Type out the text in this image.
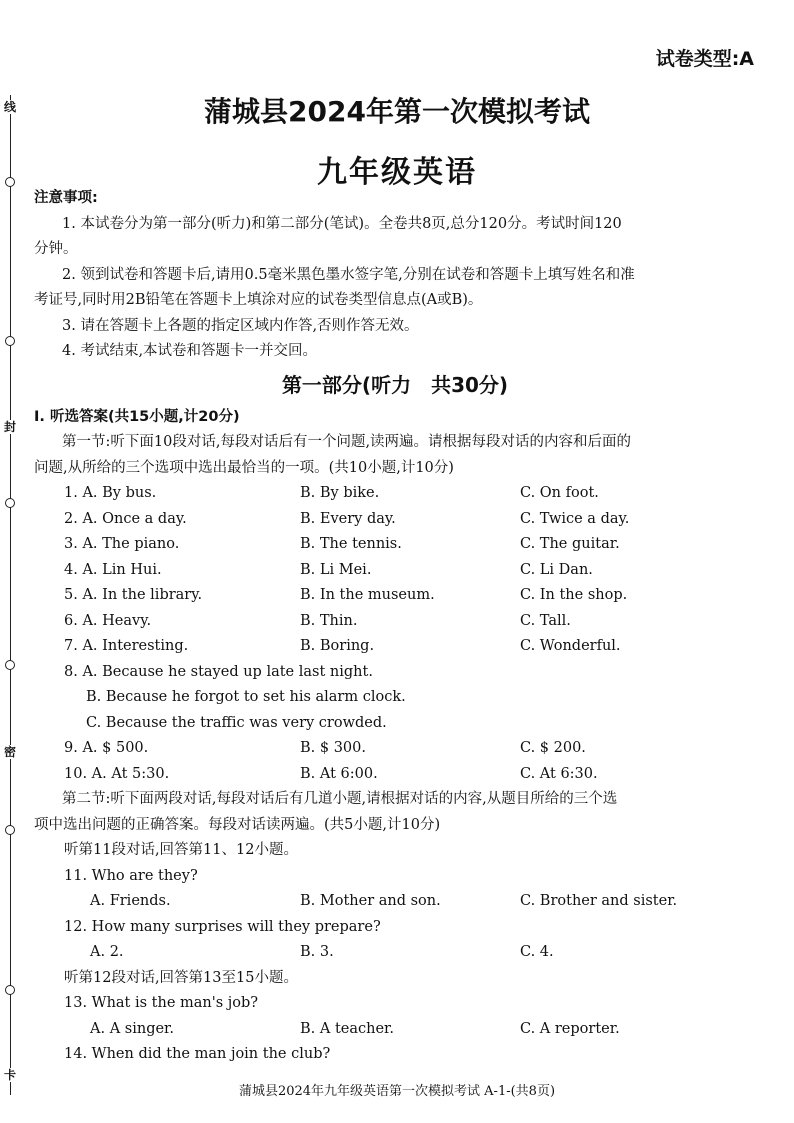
线
封
密
卡
试卷类型:A
蒲城县2024年第一次模拟考试
九年级英语
注意事项:
1. 本试卷分为第一部分(听力)和第二部分(笔试)。全卷共8页,总分120分。考试时间120
分钟。
2. 领到试卷和答题卡后,请用0.5毫米黑色墨水签字笔,分别在试卷和答题卡上填写姓名和准
考证号,同时用2B铅笔在答题卡上填涂对应的试卷类型信息点(A或B)。
3. 请在答题卡上各题的指定区域内作答,否则作答无效。
4. 考试结束,本试卷和答题卡一并交回。
第一部分(听力　共30分)
Ⅰ. 听选答案(共15小题,计20分)
第一节:听下面10段对话,每段对话后有一个问题,读两遍。请根据每段对话的内容和后面的
问题,从所给的三个选项中选出最恰当的一项。(共10小题,计10分)
1. A. By bus.	B. By bike.	C. On foot.
2. A. Once a day.	B. Every day.	C. Twice a day.
3. A. The piano.	B. The tennis.	C. The guitar.
4. A. Lin Hui.	B. Li Mei.	C. Li Dan.
5. A. In the library.	B. In the museum.	C. In the shop.
6. A. Heavy.	B. Thin.	C. Tall.
7. A. Interesting.	B. Boring.	C. Wonderful.
8. A. Because he stayed up late last night.
B. Because he forgot to set his alarm clock.
C. Because the traffic was very crowded.
9. A. $ 500.	B. $ 300.	C. $ 200.
10. A. At 5:30.	B. At 6:00.	C. At 6:30.
第二节:听下面两段对话,每段对话后有几道小题,请根据对话的内容,从题目所给的三个选
项中选出问题的正确答案。每段对话读两遍。(共5小题,计10分)
听第11段对话,回答第11、12小题。
11. Who are they?
A. Friends.	B. Mother and son.	C. Brother and sister.
12. How many surprises will they prepare?
A. 2.	B. 3.	C. 4.
听第12段对话,回答第13至15小题。
13. What is the man's job?
A. A singer.	B. A teacher.	C. A reporter.
14. When did the man join the club?
蒲城县2024年九年级英语第一次模拟考试 A-1-(共8页)
